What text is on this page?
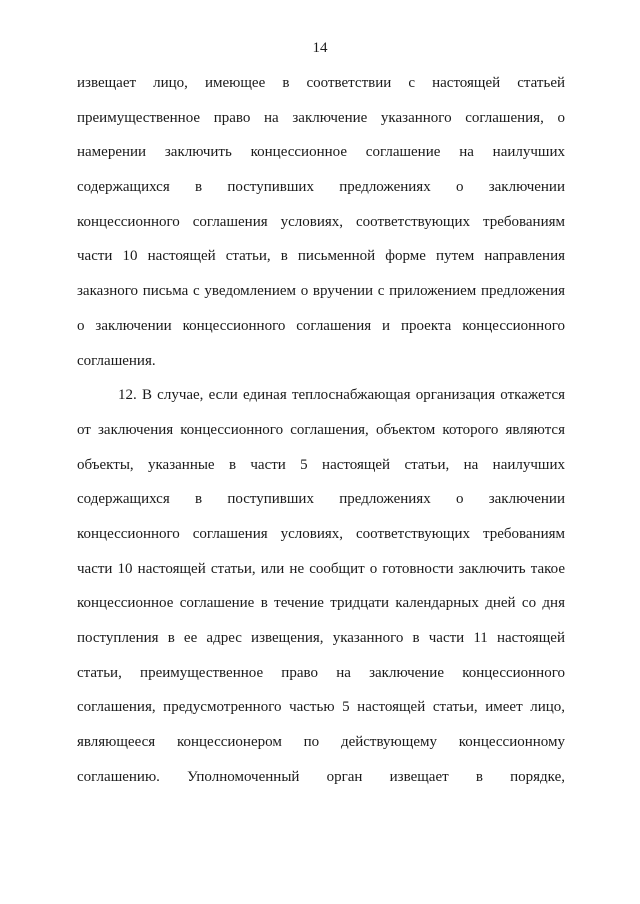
14
извещает лицо, имеющее в соответствии с настоящей статьей
преимущественное право на заключение указанного соглашения, о
намерении заключить концессионное соглашение на наилучших
содержащихся в поступивших предложениях о заключении
концессионного соглашения условиях, соответствующих требованиям
части 10 настоящей статьи, в письменной форме путем направления
заказного письма с уведомлением о вручении с приложением предложения
о заключении концессионного соглашения и проекта концессионного
соглашения.
12. В случае, если единая теплоснабжающая организация откажется
от заключения концессионного соглашения, объектом которого являются
объекты, указанные в части 5 настоящей статьи, на наилучших
содержащихся в поступивших предложениях о заключении
концессионного соглашения условиях, соответствующих требованиям
части 10 настоящей статьи, или не сообщит о готовности заключить такое
концессионное соглашение в течение тридцати календарных дней со дня
поступления в ее адрес извещения, указанного в части 11 настоящей
статьи, преимущественное право на заключение концессионного
соглашения, предусмотренного частью 5 настоящей статьи, имеет лицо,
являющееся концессионером по действующему концессионному
соглашению. Уполномоченный орган извещает в порядке,
